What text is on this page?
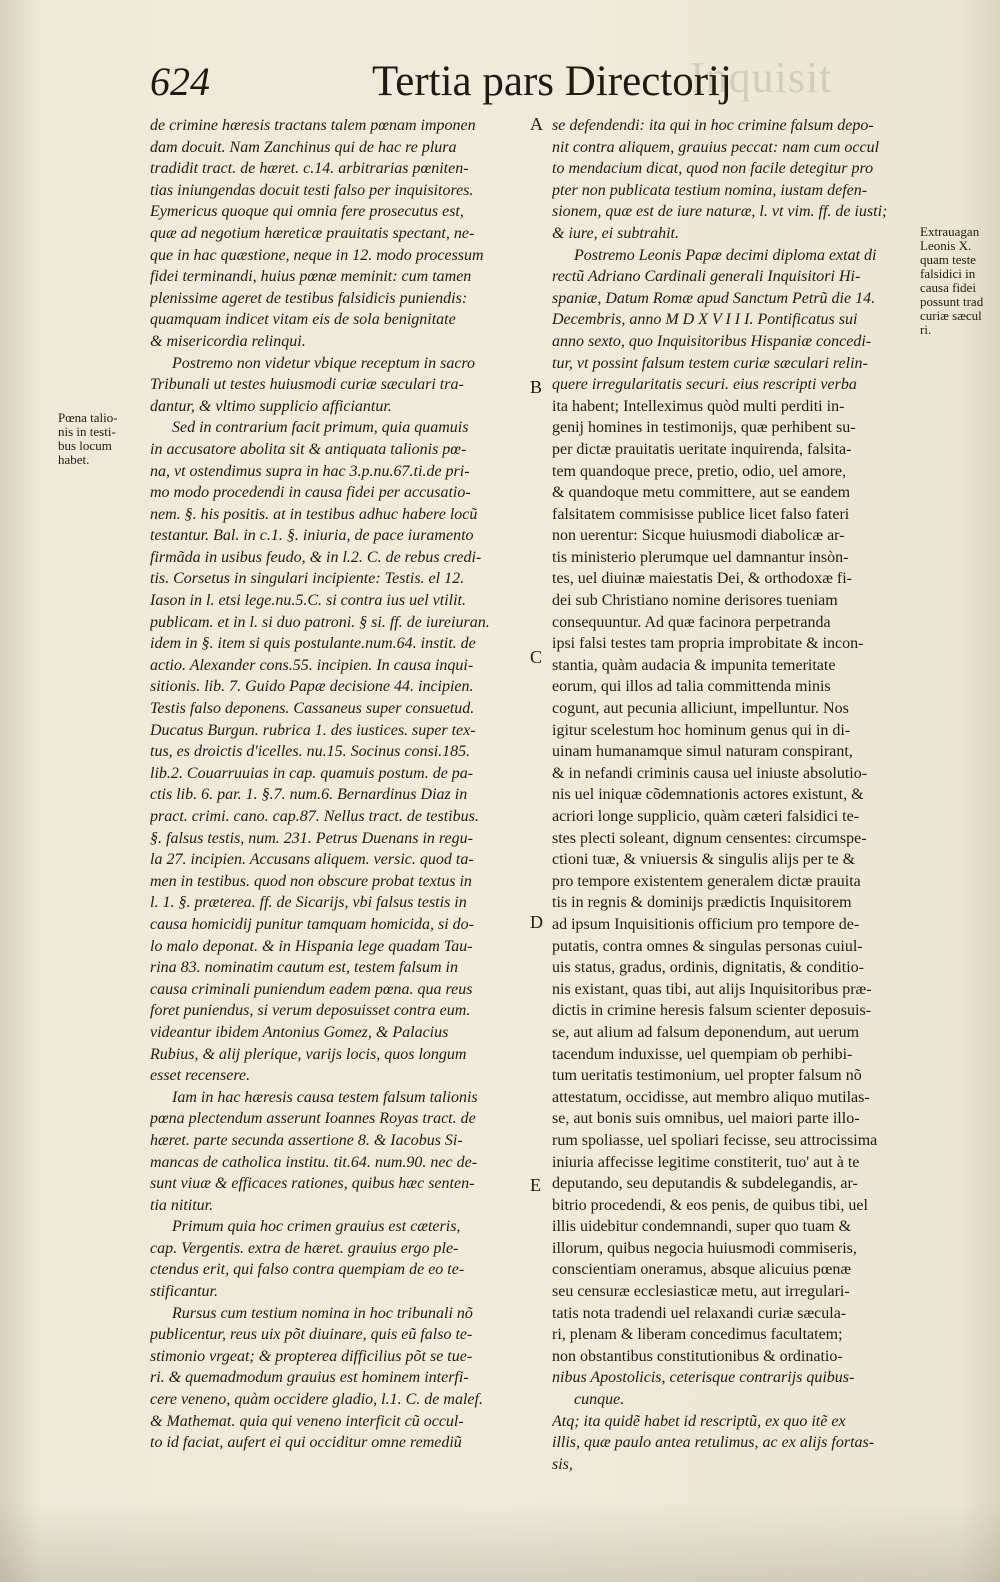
Inquisit
624	Tertia pars Directorij
de crimine hæresis tractans talem pœnam imponen
dam docuit. Nam Zanchinus qui de hac re plura
tradidit tract. de hæret. c.14. arbitrarias pœniten-
tias iniungendas docuit testi falso per inquisitores.
Eymericus quoque qui omnia fere prosecutus est,
quæ ad negotium hæreticæ prauitatis spectant, ne-
que in hac quæstione, neque in 12. modo processum
fidei terminandi, huius pœnæ meminit: cum tamen
plenissime ageret de testibus falsidicis puniendis:
quamquam indicet vitam eis de sola benignitate
& misericordia relinqui.
Postremo non videtur vbique receptum in sacro
Tribunali ut testes huiusmodi curiæ sæculari tra-
dantur, & vltimo supplicio afficiantur.
Sed in contrarium facit primum, quia quamuis
in accusatore abolita sit & antiquata talionis pœ-
na, vt ostendimus supra in hac 3.p.nu.67.ti.de pri-
mo modo procedendi in causa fidei per accusatio-
nem. §. his positis. at in testibus adhuc habere locũ
testantur. Bal. in c.1. §. iniuria, de pace iuramento
firmãda in usibus feudo, & in l.2. C. de rebus credi-
tis. Corsetus in singulari incipiente: Testis. el 12.
Iason in l. etsi lege.nu.5.C. si contra ius uel vtilit.
publicam. et in l. si duo patroni. § si. ff. de iureiuran.
idem in §. item si quis postulante.num.64. instit. de
actio. Alexander cons.55. incipien. In causa inqui-
sitionis. lib. 7. Guido Papæ decisione 44. incipien.
Testis falso deponens. Cassaneus super consuetud.
Ducatus Burgun. rubrica 1. des iustices. super tex-
tus, es droictis d'icelles. nu.15. Socinus consi.185.
lib.2. Couarruuias in cap. quamuis postum. de pa-
ctis lib. 6. par. 1. §.7. num.6. Bernardinus Diaz in
pract. crimi. cano. cap.87. Nellus tract. de testibus.
§. falsus testis, num. 231. Petrus Duenans in regu-
la 27. incipien. Accusans aliquem. versic. quod ta-
men in testibus. quod non obscure probat textus in
l. 1. §. præterea. ff. de Sicarijs, vbi falsus testis in
causa homicidij punitur tamquam homicida, si do-
lo malo deponat. & in Hispania lege quadam Tau-
rina 83. nominatim cautum est, testem falsum in
causa criminali puniendum eadem pœna. qua reus
foret puniendus, si verum deposuisset contra eum.
videantur ibidem Antonius Gomez, & Palacius
Rubius, & alij plerique, varijs locis, quos longum
esset recensere.
Iam in hac hæresis causa testem falsum talionis
pœna plectendum asserunt Ioannes Royas tract. de
hæret. parte secunda assertione 8. & Iacobus Si-
mancas de catholica institu. tit.64. num.90. nec de-
sunt viuæ & efficaces rationes, quibus hæc senten-
tia nititur.
Primum quia hoc crimen grauius est cæteris,
cap. Vergentis. extra de hæret. grauius ergo ple-
ctendus erit, qui falso contra quempiam de eo te-
stificantur.
Rursus cum testium nomina in hoc tribunali nõ
publicentur, reus uix põt diuinare, quis eũ falso te-
stimonio vrgeat; & propterea difficilius põt se tue-
ri. & quemadmodum grauius est hominem interfi-
cere veneno, quàm occidere gladio, l.1. C. de malef.
& Mathemat. quia qui veneno interficit cũ occul-
to id faciat, aufert ei qui occiditur omne remediũ
se defendendi: ita qui in hoc crimine falsum depo-
nit contra aliquem, grauius peccat: nam cum occul
to mendacium dicat, quod non facile detegitur pro
pter non publicata testium nomina, iustam defen-
sionem, quæ est de iure naturæ, l. vt vim. ff. de iusti;
& iure, ei subtrahit.
Postremo Leonis Papæ decimi diploma extat di
rectũ Adriano Cardinali generali Inquisitori Hi-
spaniæ, Datum Romæ apud Sanctum Petrũ die 14.
Decembris, anno M D X V I I I. Pontificatus sui
anno sexto, quo Inquisitoribus Hispaniæ concedi-
tur, vt possint falsum testem curiæ sæculari relin-
quere irregularitatis securi. eius rescripti verba
ita habent; Intelleximus quòd multi perditi in-
genij homines in testimonijs, quæ perhibent su-
per dictæ prauitatis ueritate inquirenda, falsita-
tem quandoque prece, pretio, odio, uel amore,
& quandoque metu committere, aut se eandem
falsitatem commisisse publice licet falso fateri
non uerentur: Sicque huiusmodi diabolicæ ar-
tis ministerio plerumque uel damnantur insòn-
tes, uel diuinæ maiestatis Dei, & orthodoxæ fi-
dei sub Christiano nomine derisores tueniam
consequuntur. Ad quæ facinora perpetranda
ipsi falsi testes tam propria improbitate & incon-
stantia, quàm audacia & impunita temeritate
eorum, qui illos ad talia committenda minis
cogunt, aut pecunia alliciunt, impelluntur. Nos
igitur scelestum hoc hominum genus qui in di-
uinam humanamque simul naturam conspirant,
& in nefandi criminis causa uel iniuste absolutio-
nis uel iniquæ cõdemnationis actores existunt, &
acriori longe supplicio, quàm cæteri falsidici te-
stes plecti soleant, dignum censentes: circumspe-
ctioni tuæ, & vniuersis & singulis alijs per te &
pro tempore existentem generalem dictæ prauita
tis in regnis & dominijs prædictis Inquisitorem
ad ipsum Inquisitionis officium pro tempore de-
putatis, contra omnes & singulas personas cuiul-
uis status, gradus, ordinis, dignitatis, & conditio-
nis existant, quas tibi, aut alijs Inquisitoribus præ-
dictis in crimine heresis falsum scienter deposuis-
se, aut alium ad falsum deponendum, aut uerum
tacendum induxisse, uel quempiam ob perhibi-
tum ueritatis testimonium, uel propter falsum nõ
attestatum, occidisse, aut membro aliquo mutilas-
se, aut bonis suis omnibus, uel maiori parte illo-
rum spoliasse, uel spoliari fecisse, seu attrocissima
iniuria affecisse legitime constiterit, tuo' aut à te
deputando, seu deputandis & subdelegandis, ar-
bitrio procedendi, & eos penis, de quibus tibi, uel
illis uidebitur condemnandi, super quo tuam &
illorum, quibus negocia huiusmodi commiseris,
conscientiam oneramus, absque alicuius pœnæ
seu censuræ ecclesiasticæ metu, aut irregulari-
tatis nota tradendi uel relaxandi curiæ sæcula-
ri, plenam & liberam concedimus facultatem;
non obstantibus constitutionibus & ordinatio-
nibus Apostolicis, ceterisque contrarijs quibus-
cunque.
Atq; ita quidẽ habet id rescriptũ, ex quo itẽ ex
illis, quæ paulo antea retulimus, ac ex alijs fortas-
sis,
A
B
C
D
E
Pœna talio-
nis in testi-
bus locum
habet.
Extrauagan
Leonis X.
quam teste
falsidici in
causa fidei
possunt trad
curiæ sæcul
ri.
